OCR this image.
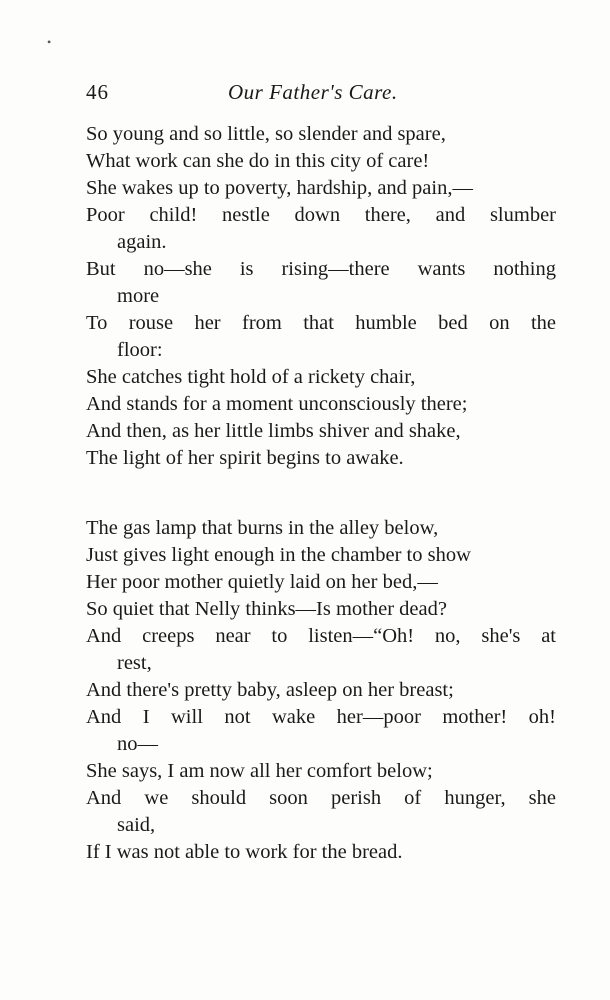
•
46	Our Father's Care.
So young and so little, so slender and spare,
What work can she do in this city of care!
She wakes up to poverty, hardship, and pain,—
Poor child! nestle down there, and slumber
again.
But no—she is rising—there wants nothing
more
To rouse her from that humble bed on the
floor:
She catches tight hold of a rickety chair,
And stands for a moment unconsciously there;
And then, as her little limbs shiver and shake,
The light of her spirit begins to awake.
The gas lamp that burns in the alley below,
Just gives light enough in the chamber to show
Her poor mother quietly laid on her bed,—
So quiet that Nelly thinks—Is mother dead?
And creeps near to listen—“Oh! no, she's at
rest,
And there's pretty baby, asleep on her breast;
And I will not wake her—poor mother! oh!
no—
She says, I am now all her comfort below;
And we should soon perish of hunger, she
said,
If I was not able to work for the bread.
